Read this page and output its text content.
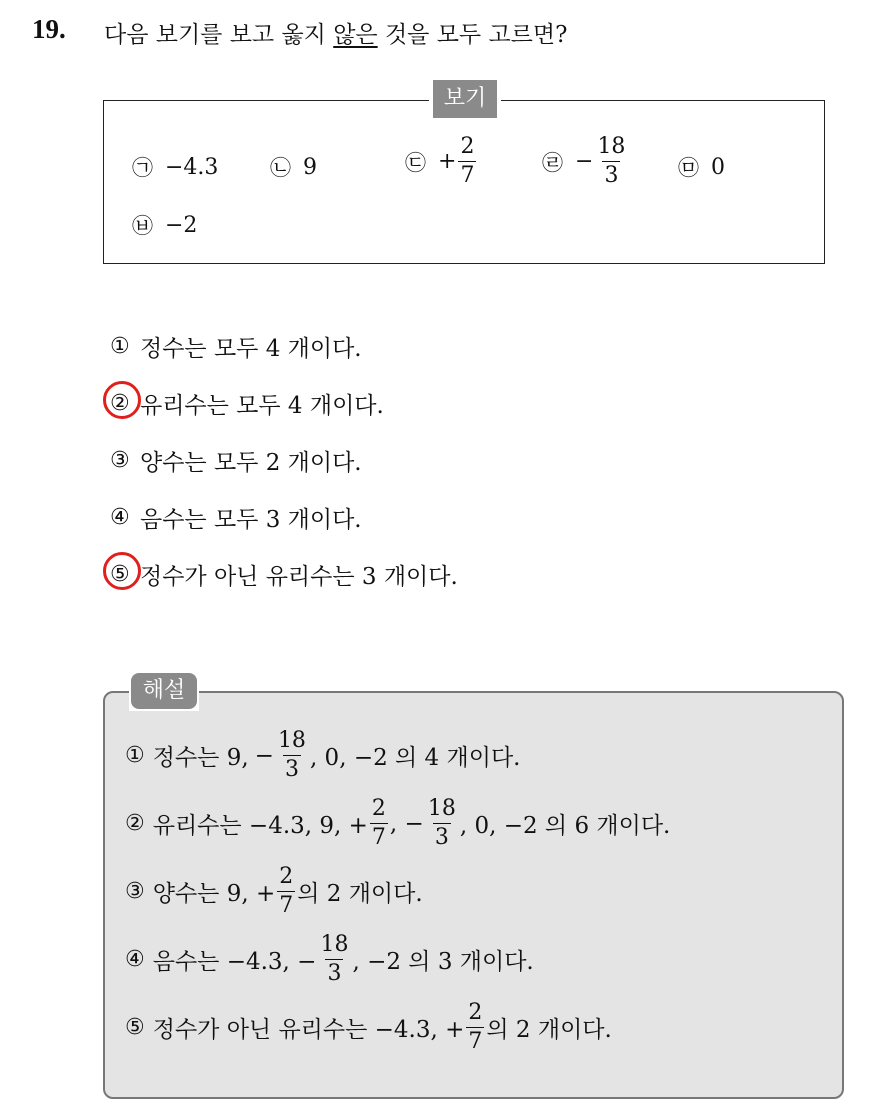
19. 다음 보기를 보고 옳지 않은 것을 모두 고르면?
보기
㉠ −4.3 ㉡ 9	㉢ + $\frac{2}{7}$	㉣ − $\frac{18}{3}$ ㉤ 0
㉥ −2
① 정수는 모두 4 개이다.
② 유리수는 모두 4 개이다.
③ 양수는 모두 2 개이다.
④ 음수는 모두 3 개이다.
⑤ 정수가 아닌 유리수는 3 개이다.
해설
① 정수는 9, − $\frac{18}{3}$ , 0, −2 의 4 개이다.
② 유리수는 −4.3, 9, + $\frac{2}{7}$ , − $\frac{18}{3}$ , 0, −2 의 6 개이다.
③ 양수는 9, + $\frac{2}{7}$ 의 2 개이다.
④ 음수는 −4.3, − $\frac{18}{3}$ , −2 의 3 개이다.
⑤ 정수가 아닌 유리수는 −4.3, + $\frac{2}{7}$ 의 2 개이다.
